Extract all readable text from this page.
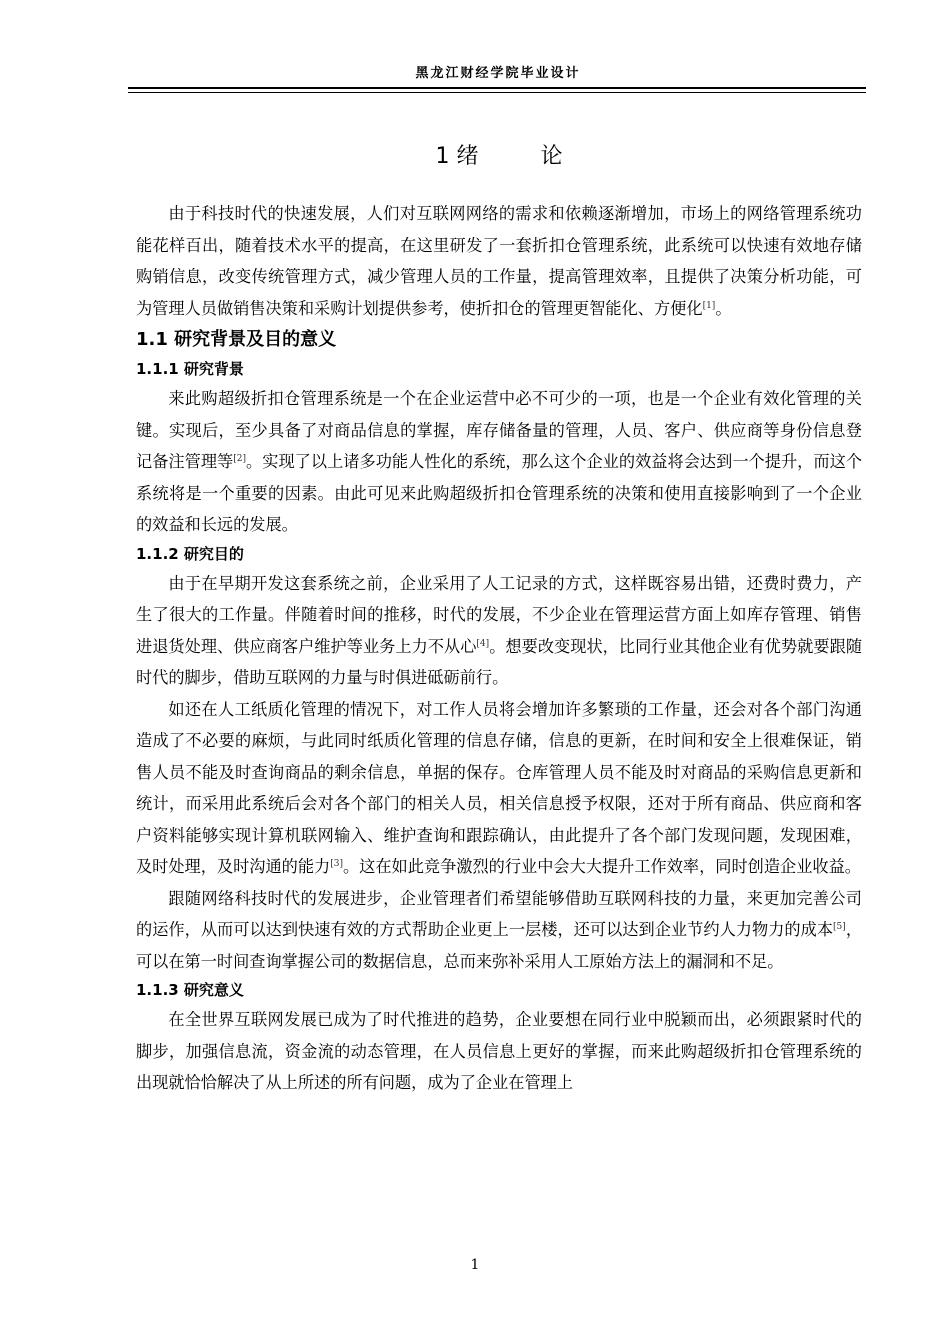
黑龙江财经学院毕业设计
1 绪	论

由于科技时代的快速发展，人们对互联网网络的需求和依赖逐渐增加，市场上的网络管理系统功能花样百出，随着技术水平的提高，在这里研发了一套折扣仓管理系统，此系统可以快速有效地存储购销信息，改变传统管理方式，减少管理人员的工作量，提高管理效率，且提供了决策分析功能，可为管理人员做销售决策和采购计划提供参考，使折扣仓的管理更智能化、方便化[1]。

1.1 研究背景及目的意义
1.1.1 研究背景

来此购超级折扣仓管理系统是一个在企业运营中必不可少的一项，也是一个企业有效化管理的关键。实现后，至少具备了对商品信息的掌握，库存储备量的管理，人员、客户、供应商等身份信息登记备注管理等[2]。实现了以上诸多功能人性化的系统，那么这个企业的效益将会达到一个提升，而这个系统将是一个重要的因素。由此可见来此购超级折扣仓管理系统的决策和使用直接影响到了一个企业的效益和长远的发展。

1.1.2 研究目的

由于在早期开发这套系统之前，企业采用了人工记录的方式，这样既容易出错，还费时费力，产生了很大的工作量。伴随着时间的推移，时代的发展，不少企业在管理运营方面上如库存管理、销售进退货处理、供应商客户维护等业务上力不从心[4]。想要改变现状，比同行业其他企业有优势就要跟随时代的脚步，借助互联网的力量与时俱进砥砺前行。

如还在人工纸质化管理的情况下，对工作人员将会增加许多繁琐的工作量，还会对各个部门沟通造成了不必要的麻烦，与此同时纸质化管理的信息存储，信息的更新，在时间和安全上很难保证，销售人员不能及时查询商品的剩余信息，单据的保存。仓库管理人员不能及时对商品的采购信息更新和统计，而采用此系统后会对各个部门的相关人员，相关信息授予权限，还对于所有商品、供应商和客户资料能够实现计算机联网输入、维护查询和跟踪确认，由此提升了各个部门发现问题，发现困难，及时处理，及时沟通的能力[3]。这在如此竞争激烈的行业中会大大提升工作效率，同时创造企业收益。

跟随网络科技时代的发展进步，企业管理者们希望能够借助互联网科技的力量，来更加完善公司的运作，从而可以达到快速有效的方式帮助企业更上一层楼，还可以达到企业节约人力物力的成本[5]，可以在第一时间查询掌握公司的数据信息，总而来弥补采用人工原始方法上的漏洞和不足。

1.1.3 研究意义

在全世界互联网发展已成为了时代推进的趋势，企业要想在同行业中脱颖而出，必须跟紧时代的脚步，加强信息流，资金流的动态管理，在人员信息上更好的掌握，而来此购超级折扣仓管理系统的出现就恰恰解决了从上所述的所有问题，成为了企业在管理上

1
